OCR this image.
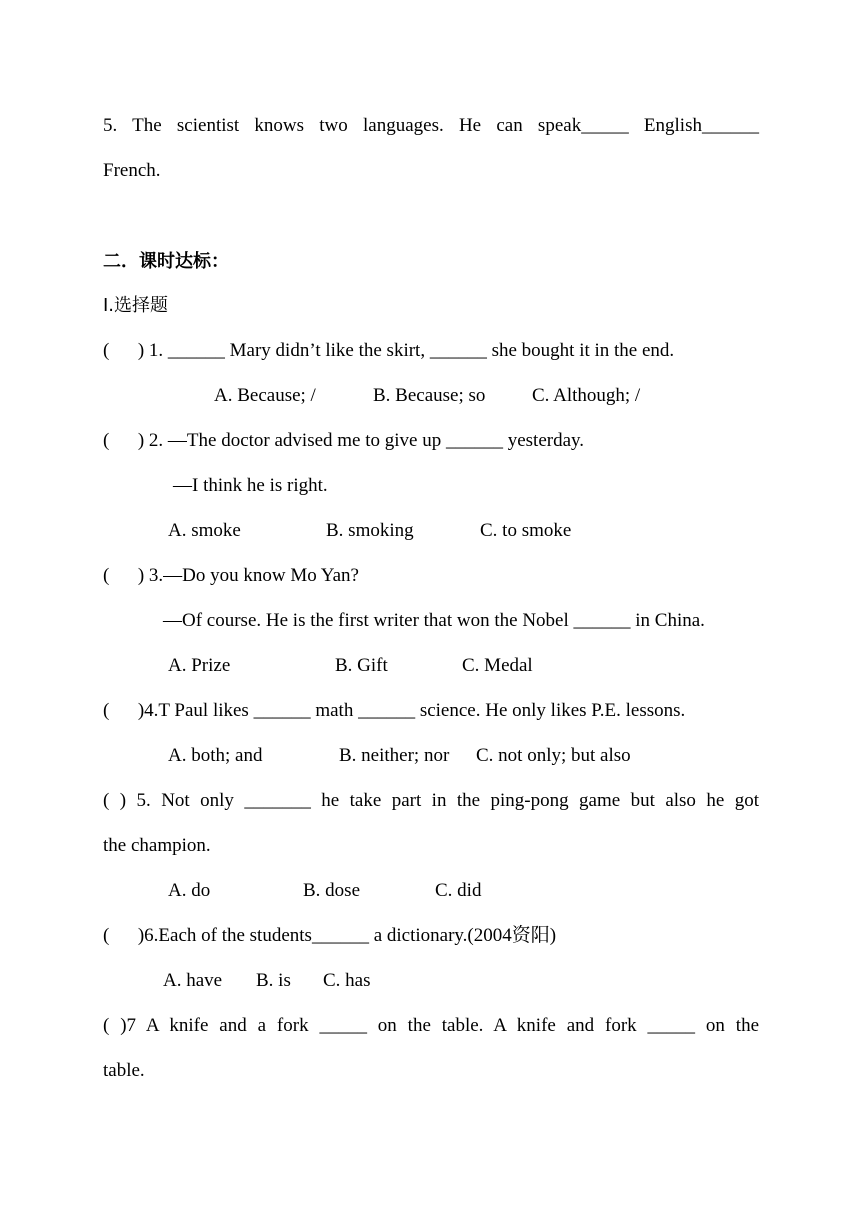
5. The scientist knows two languages. He can speak_____ English______
French.
二．课时达标：
Ⅰ.选择题
(      ) 1. ______ Mary didn’t like the skirt, ______ she bought it in the end.
A. Because; /	B. Because; so C. Although; /
(      ) 2. —The doctor advised me to give up ______ yesterday.
—I think he is right.
A. smoke	B. smoking	C. to smoke
(      ) 3.—Do you know Mo Yan?
—Of course. He is the first writer that won the Nobel ______ in China.
A. Prize	B. Gift	C. Medal
(      )4.T Paul likes ______ math ______ science. He only likes P.E. lessons.
A. both; and	B. neither; nor C. not only; but also
( ) 5. Not only _______ he take part in the ping-pong game but also he got
the champion.
A. do	B. dose	C. did
(      )6.Each of the students______ a dictionary.(2004资阳)
A. have B. is C. has
( )7 A knife and a fork _____ on the table. A knife and fork _____ on the
table.
